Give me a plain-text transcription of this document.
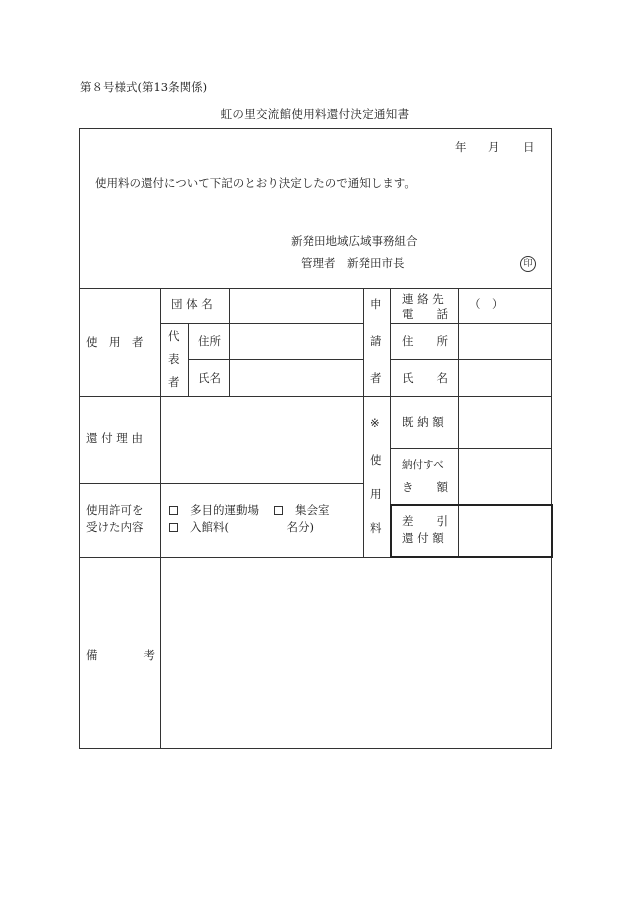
第８号様式(第13条関係)
虹の里交流館使用料還付決定通知書
年 月 日
使用料の還付について下記のとおり決定したので通知します。
新発田地域広域事務組合
管理者　新発田市長	印
使　用　者
団 体 名
代
表
者
住所
氏名
申
請
者
連 絡 先
電　　話
（　）
住　　所
氏　　名
還 付 理 由
※
使
用
料
既 納 額
納付すべ
き　　額
差　　引
還 付 額
使用許可を
受けた内容
多目的運動場	集会室
入館料(　　　　　名分)
備　　　　考
